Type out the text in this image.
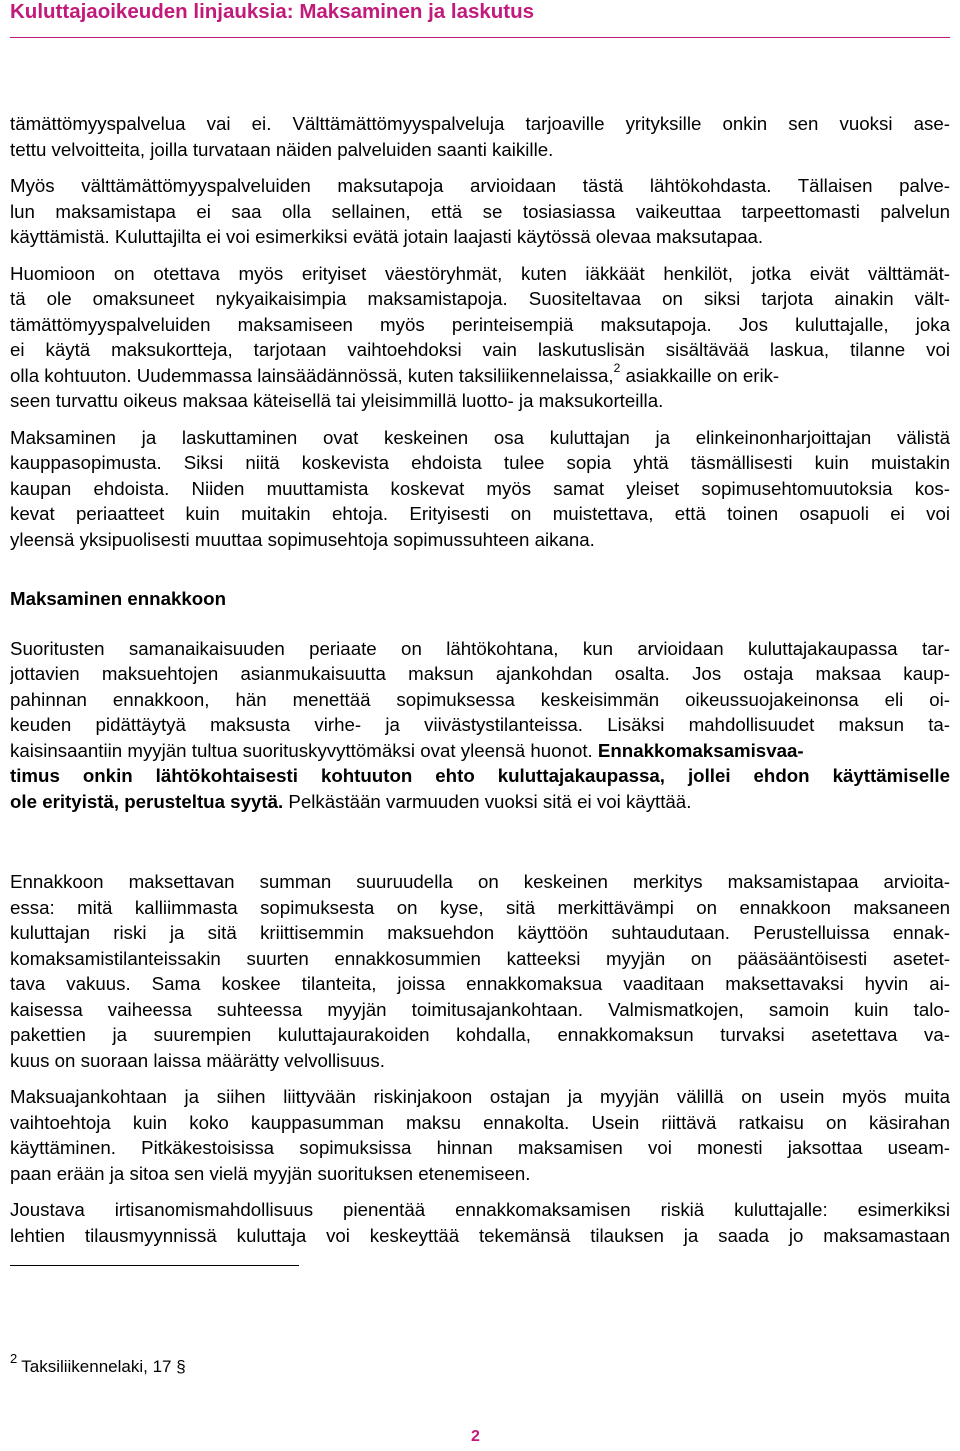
Kuluttajaoikeuden linjauksia: Maksaminen ja laskutus
tämättömyyspalvelua vai ei. Välttämättömyyspalveluja tarjoaville yrityksille onkin sen vuoksi ase-
tettu velvoitteita, joilla turvataan näiden palveluiden saanti kaikille.
Myös välttämättömyyspalveluiden maksutapoja arvioidaan tästä lähtökohdasta. Tällaisen palve-
lun maksamistapa ei saa olla sellainen, että se tosiasiassa vaikeuttaa tarpeettomasti palvelun
käyttämistä. Kuluttajilta ei voi esimerkiksi evätä jotain laajasti käytössä olevaa maksutapaa.
Huomioon on otettava myös erityiset väestöryhmät, kuten iäkkäät henkilöt, jotka eivät välttämät-
tä ole omaksuneet nykyaikaisimpia maksamistapoja. Suositeltavaa on siksi tarjota ainakin vält-
tämättömyyspalveluiden maksamiseen myös perinteisempiä maksutapoja. Jos kuluttajalle, joka
ei käytä maksukortteja, tarjotaan vaihtoehdoksi vain laskutuslisän sisältävää laskua, tilanne voi
olla kohtuuton. Uudemmassa lainsäädännössä, kuten taksiliikennelaissa,$^2$ asiakkaille on erik-
seen turvattu oikeus maksaa käteisellä tai yleisimmillä luotto- ja maksukorteilla.
Maksaminen ja laskuttaminen ovat keskeinen osa kuluttajan ja elinkeinonharjoittajan välistä
kauppasopimusta. Siksi niitä koskevista ehdoista tulee sopia yhtä täsmällisesti kuin muistakin
kaupan ehdoista. Niiden muuttamista koskevat myös samat yleiset sopimusehtomuutoksia kos-
kevat periaatteet kuin muitakin ehtoja. Erityisesti on muistettava, että toinen osapuoli ei voi
yleensä yksipuolisesti muuttaa sopimusehtoja sopimussuhteen aikana.
Maksaminen ennakkoon
Suoritusten samanaikaisuuden periaate on lähtökohtana, kun arvioidaan kuluttajakaupassa tar-
jottavien maksuehtojen asianmukaisuutta maksun ajankohdan osalta. Jos ostaja maksaa kaup-
pahinnan ennakkoon, hän menettää sopimuksessa keskeisimmän oikeussuojakeinonsa eli oi-
keuden pidättäytyä maksusta virhe- ja viivästystilanteissa. Lisäksi mahdollisuudet maksun ta-
kaisinsaantiin myyjän tultua suorituskyvyttömäksi ovat yleensä huonot. Ennakkomaksamisvaa-
timus onkin lähtökohtaisesti kohtuuton ehto kuluttajakaupassa, jollei ehdon käyttämiselle
ole erityistä, perusteltua syytä. Pelkästään varmuuden vuoksi sitä ei voi käyttää.
Ennakkoon maksettavan summan suuruudella on keskeinen merkitys maksamistapaa arvioita-
essa: mitä kalliimmasta sopimuksesta on kyse, sitä merkittävämpi on ennakkoon maksaneen
kuluttajan riski ja sitä kriittisemmin maksuehdon käyttöön suhtaudutaan. Perustelluissa ennak-
komaksamistilanteissakin suurten ennakkosummien katteeksi myyjän on pääsääntöisesti asetet-
tava vakuus. Sama koskee tilanteita, joissa ennakkomaksua vaaditaan maksettavaksi hyvin ai-
kaisessa vaiheessa suhteessa myyjän toimitusajankohtaan. Valmismatkojen, samoin kuin talo-
pakettien ja suurempien kuluttajaurakoiden kohdalla, ennakkomaksun turvaksi asetettava va-
kuus on suoraan laissa määrätty velvollisuus.
Maksuajankohtaan ja siihen liittyvään riskinjakoon ostajan ja myyjän välillä on usein myös muita
vaihtoehtoja kuin koko kauppasumman maksu ennakolta. Usein riittävä ratkaisu on käsirahan
käyttäminen. Pitkäkestoisissa sopimuksissa hinnan maksamisen voi monesti jaksottaa useam-
paan erään ja sitoa sen vielä myyjän suorituksen etenemiseen.
Joustava irtisanomismahdollisuus pienentää ennakkomaksamisen riskiä kuluttajalle: esimerkiksi
lehtien tilausmyynnissä kuluttaja voi keskeyttää tekemänsä tilauksen ja saada jo maksamastaan
$^2$ Taksiliikennelaki, 17 §
2
